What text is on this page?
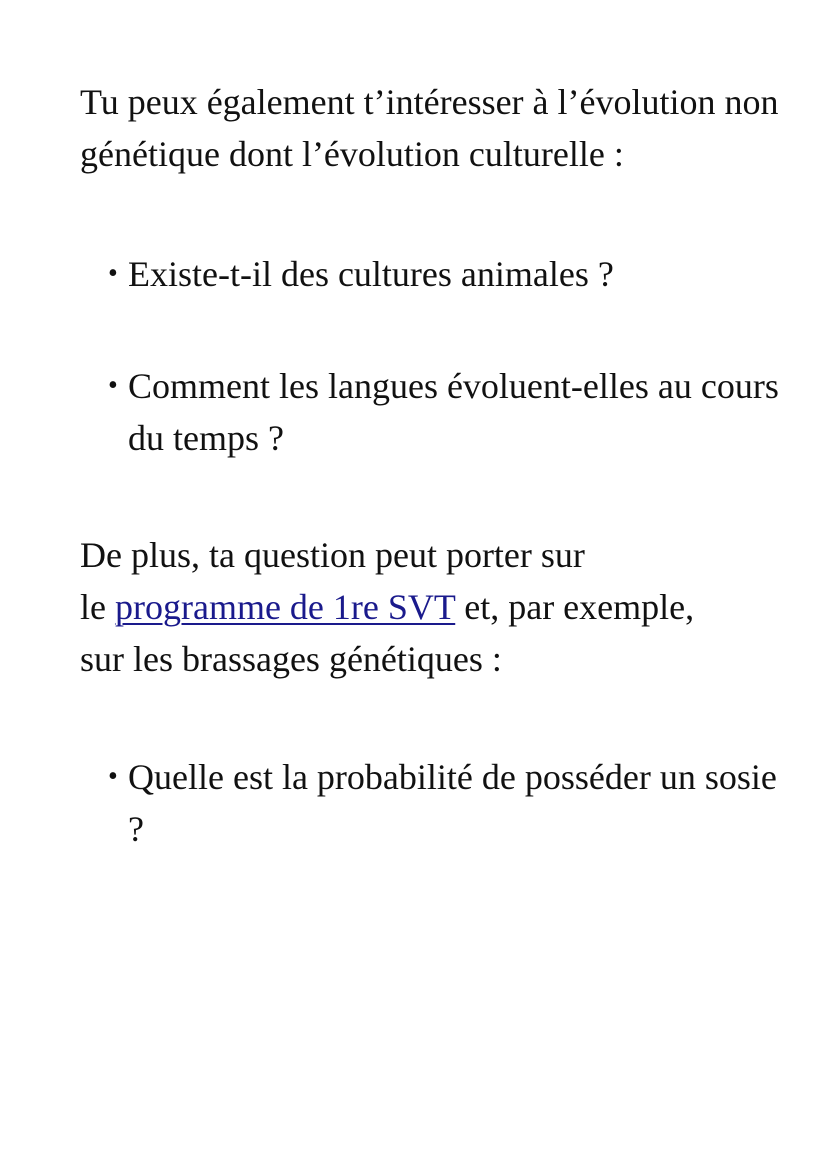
Tu peux également t’intéresser à l’évolution non génétique dont l’évolution culturelle :

• Existe-t-il des cultures animales ?
• Comment les langues évoluent-elles au cours du temps ?

De plus, ta question peut porter sur
le programme de 1re SVT et, par exemple,
sur les brassages génétiques :

• Quelle est la probabilité de posséder un sosie ?
